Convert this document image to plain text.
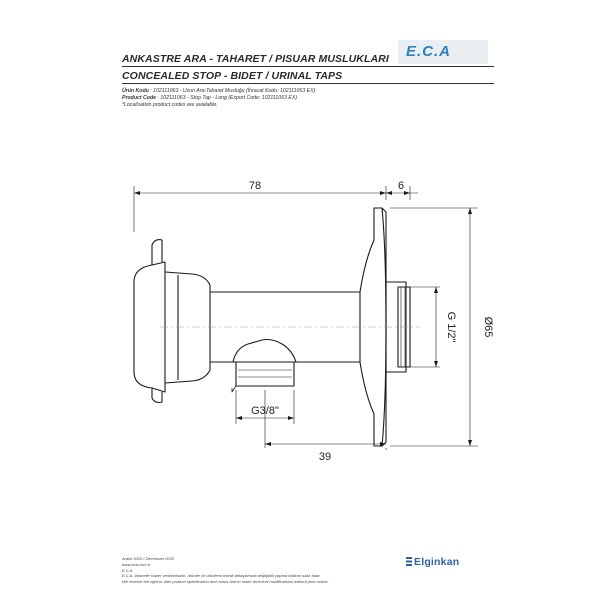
E.C.A
ANKASTRE ARA - TAHARET / PISUAR MUSLUKLARI
CONCEALED STOP - BIDET / URINAL TAPS
Ürün Kodu : 102111063 - Uzun Ara-Taharet Musluğu (İhracat Kodu: 102111063 EX)
Product Code : 102111063 - Stop Tap - Long (Export Code: 102111063 EX)
*Localisation product codes are available.
78	6
Ø65
G 1/2"
G3/8"
39
Aralık 2020 / December 2020
www.eca.com.tr
E.C.A.
E.C.A. ibraceler haber verilmeksizin, ürünler ve ürünlerin teknik detaylarında değişiklik yapma hakkını saklı tutar.
We reserve the right to alter product specification and colors and to make technical modifications without prior notice.
Elginkan
